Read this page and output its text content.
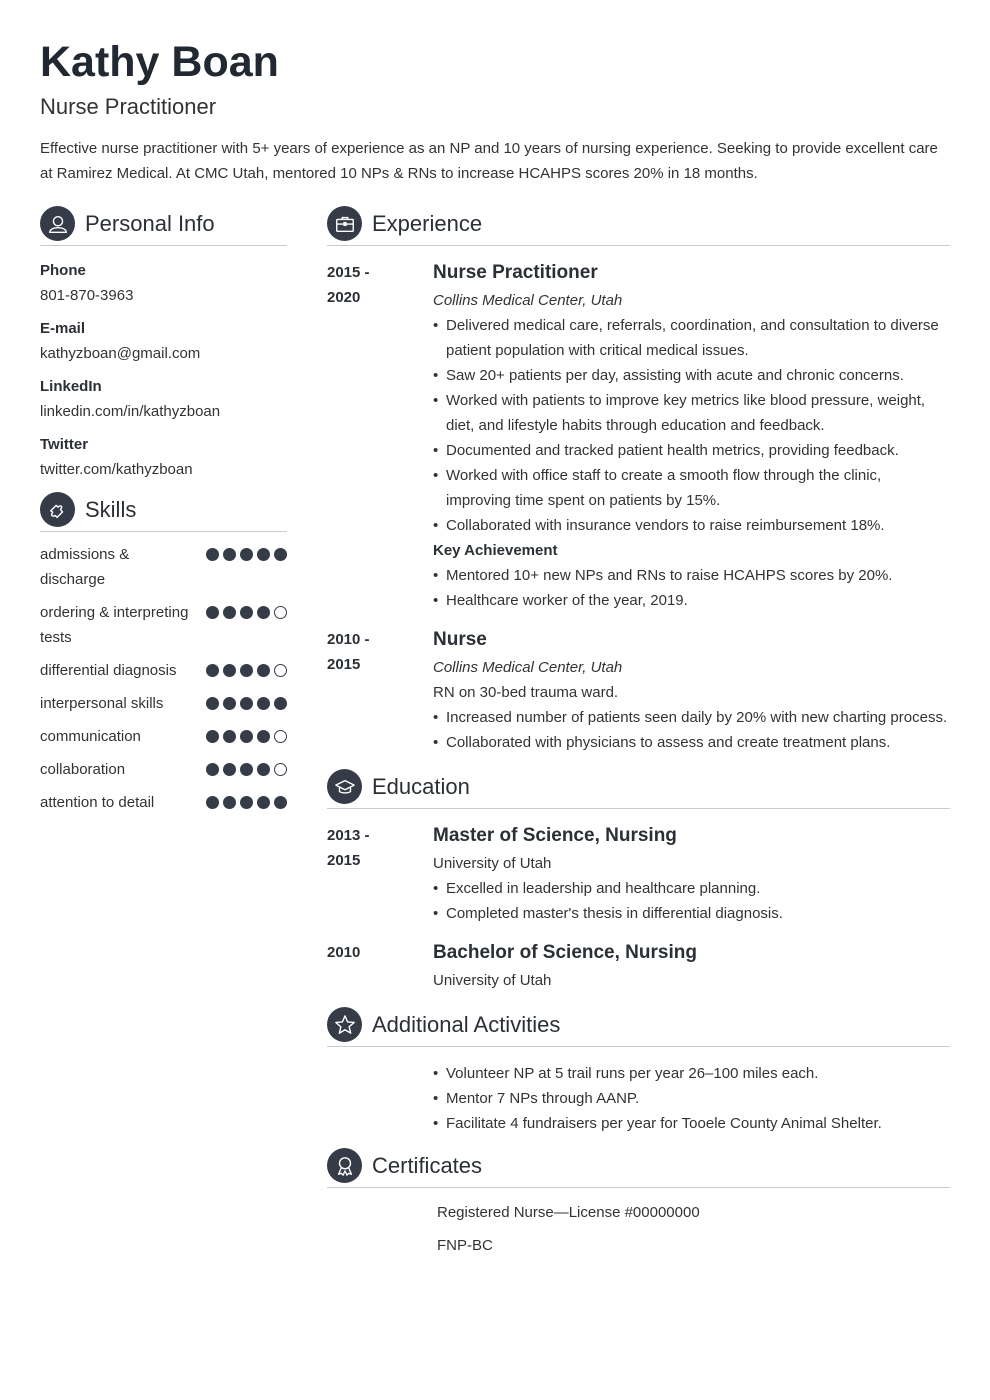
Kathy Boan
Nurse Practitioner
Effective nurse practitioner with 5+ years of experience as an NP and 10 years of nursing experience. Seeking to provide excellent care at Ramirez Medical. At CMC Utah, mentored 10 NPs & RNs to increase HCAHPS scores 20% in 18 months.
Personal Info
Phone
801-870-3963
E-mail
kathyzboan@gmail.com
LinkedIn
linkedin.com/in/kathyzboan
Twitter
twitter.com/kathyzboan
Skills
admissions & discharge
ordering & interpreting tests
differential diagnosis
interpersonal skills
communication
collaboration
attention to detail
Experience
2015 -
2020
Nurse Practitioner
Collins Medical Center, Utah
• Delivered medical care, referrals, coordination, and consultation to diverse patient population with critical medical issues.
• Saw 20+ patients per day, assisting with acute and chronic concerns.
• Worked with patients to improve key metrics like blood pressure, weight, diet, and lifestyle habits through education and feedback.
• Documented and tracked patient health metrics, providing feedback.
• Worked with office staff to create a smooth flow through the clinic, improving time spent on patients by 15%.
• Collaborated with insurance vendors to raise reimbursement 18%.
Key Achievement
• Mentored 10+ new NPs and RNs to raise HCAHPS scores by 20%.
• Healthcare worker of the year, 2019.
2010 -
2015
Nurse
Collins Medical Center, Utah
RN on 30-bed trauma ward.
• Increased number of patients seen daily by 20% with new charting process.
• Collaborated with physicians to assess and create treatment plans.
Education
2013 -
2015
Master of Science, Nursing
University of Utah
• Excelled in leadership and healthcare planning.
• Completed master's thesis in differential diagnosis.
2010	Bachelor of Science, Nursing
University of Utah
Additional Activities
• Volunteer NP at 5 trail runs per year 26–100 miles each.
• Mentor 7 NPs through AANP.
• Facilitate 4 fundraisers per year for Tooele County Animal Shelter.
Certificates
Registered Nurse—License #00000000
FNP-BC
